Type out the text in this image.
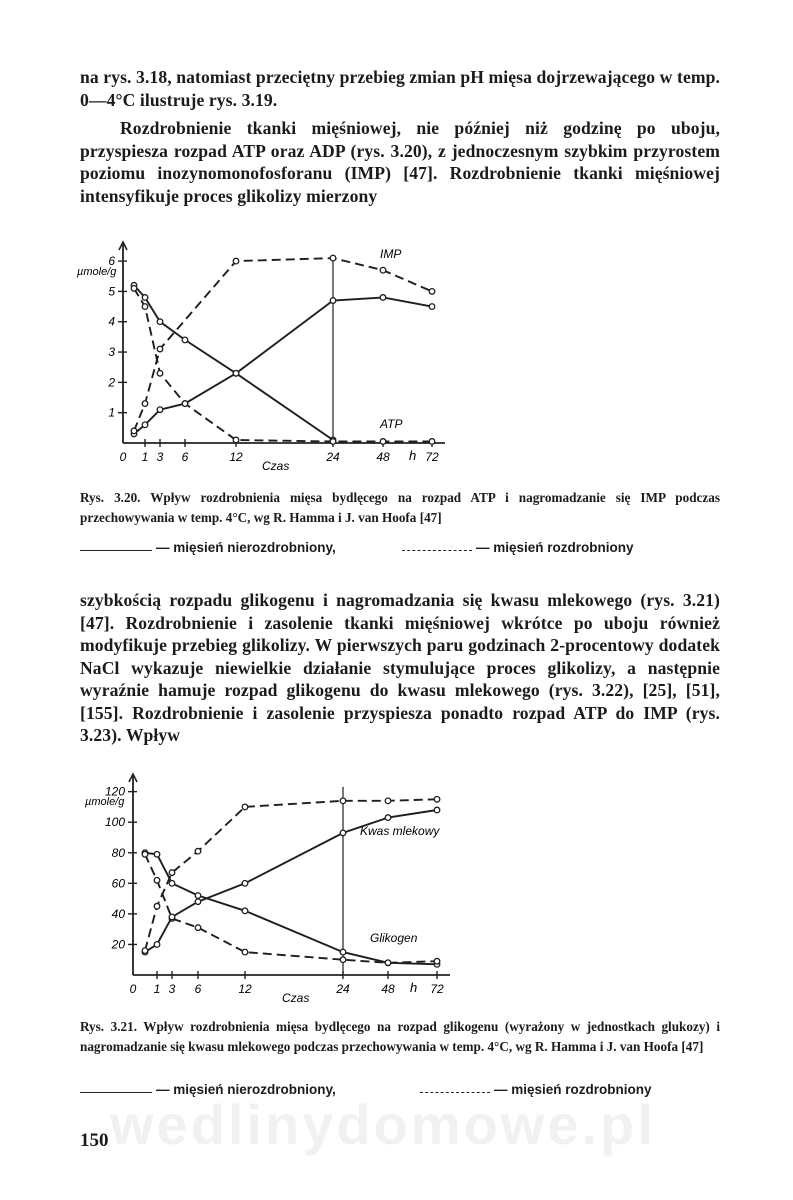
na rys. 3.18, natomiast przeciętny przebieg zmian pH mięsa dojrzewającego w temp. 0—4°C ilustruje rys. 3.19.

Rozdrobnienie tkanki mięśniowej, nie później niż godzinę po uboju, przyspiesza rozpad ATP oraz ADP (rys. 3.20), z jednoczesnym szybkim przyrostem poziomu inozynomonofosforanu (IMP) [47]. Rozdrobnienie tkanki mięśniowej intensyfikuje proces glikolizy mierzony

1
2
3
4
5
6
0 1 3 6	12	24	48	72
µmole/g
Czas
h
IMP
ATP
Rys. 3.20. Wpływ rozdrobnienia mięsa bydlęcego na rozpad ATP i nagromadzanie się IMP podczas przechowywania w temp. 4°C, wg R. Hamma i J. van Hoofa [47]
— mięsień nierozdrobniony,	— mięsień rozdrobniony

szybkością rozpadu glikogenu i nagromadzania się kwasu mlekowego (rys. 3.21) [47]. Rozdrobnienie i zasolenie tkanki mięśniowej wkrótce po uboju również modyfikuje przebieg glikolizy. W pierwszych paru godzinach 2-procentowy dodatek NaCl wykazuje niewielkie działanie stymulujące proces glikolizy, a następnie wyraźnie hamuje rozpad glikogenu do kwasu mlekowego (rys. 3.22), [25], [51], [155]. Rozdrobnienie i zasolenie przyspiesza ponadto rozpad ATP do IMP (rys. 3.23). Wpływ

20
40
60
80
100
120
0 1 3 6	12	24	48	72
µmole/g
Czas
h
Kwas mlekowy
Glikogen
Rys. 3.21. Wpływ rozdrobnienia mięsa bydlęcego na rozpad glikogenu (wyrażony w jednostkach glukozy) i nagromadzanie się kwasu mlekowego podczas przechowywania w temp. 4°C, wg R. Hamma i J. van Hoofa [47]
— mięsień nierozdrobniony,	— mięsień rozdrobniony
wedlinydomowe.pl
150
